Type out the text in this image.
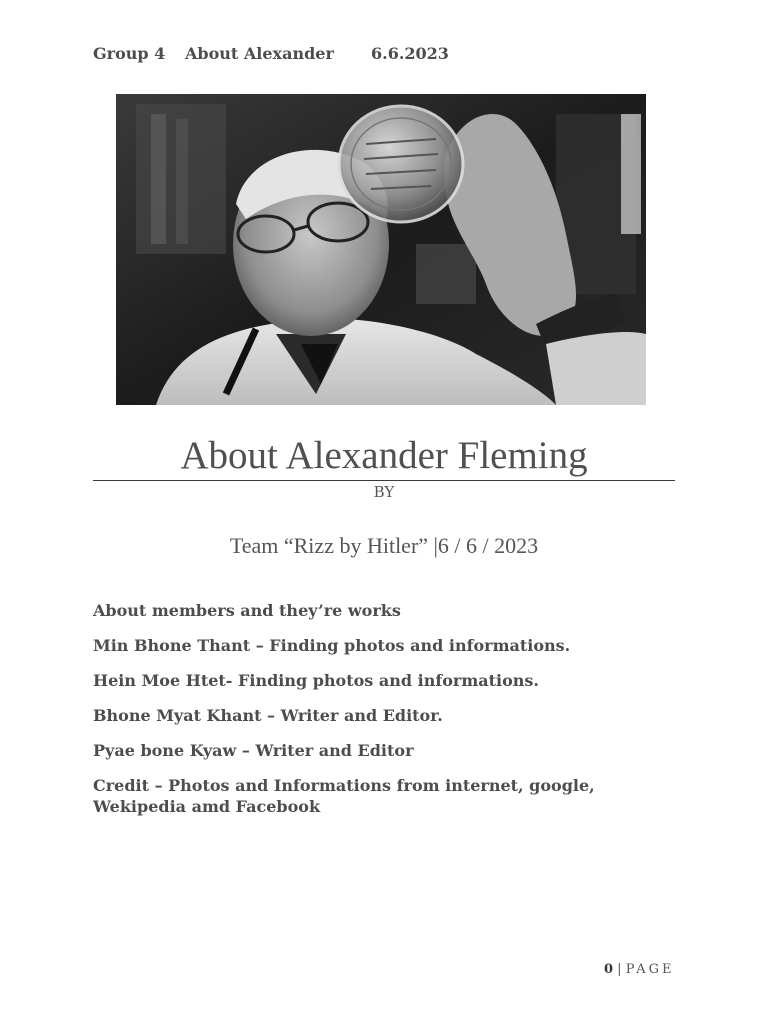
Group 4 About Alexander 6.6.2023
About Alexander Fleming
BY
Team “Rizz by Hitler” |6 / 6 / 2023

About members and they’re works

Min Bhone Thant – Finding photos and informations.

Hein Moe Htet- Finding photos and informations.

Bhone Myat Khant – Writer and Editor.

Pyae bone Kyaw – Writer and Editor

Credit – Photos and Informations from internet, google, Wekipedia amd Facebook

0 | PAGE
